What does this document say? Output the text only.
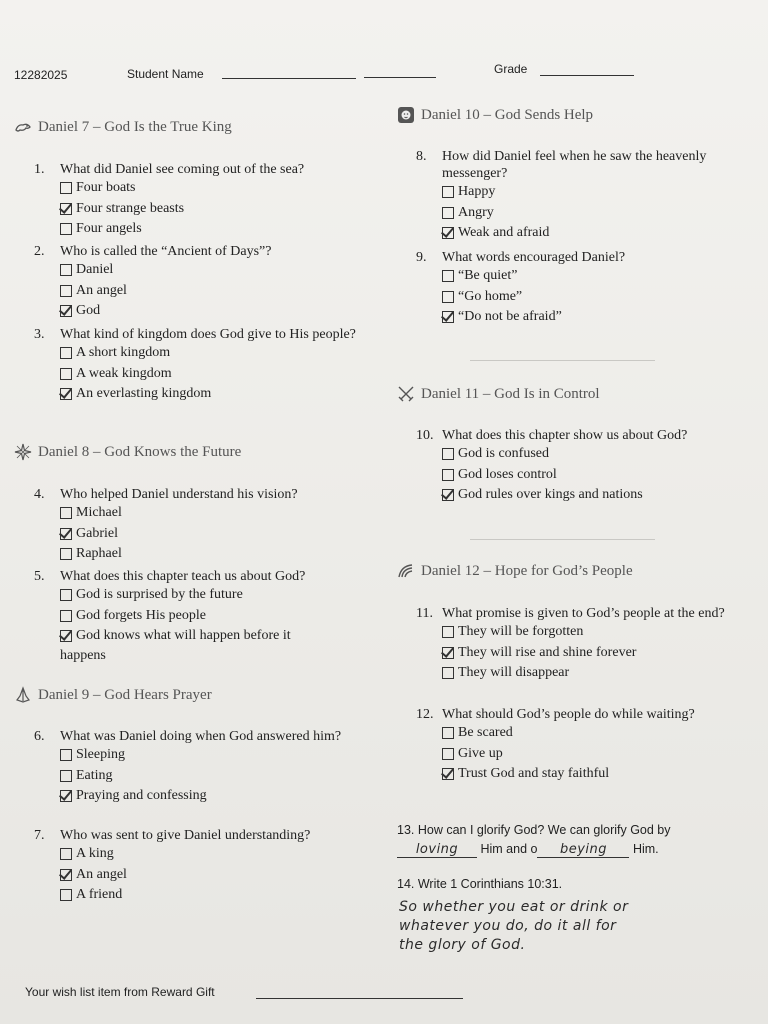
12282025	Student Name	Grade
Daniel 7 – God Is the True King
1. What did Daniel see coming out of the sea?
Four boats
Four strange beasts
Four angels
2. Who is called the “Ancient of Days”?
Daniel
An angel
God
3. What kind of kingdom does God give to His people?
A short kingdom
A weak kingdom
An everlasting kingdom
Daniel 8 – God Knows the Future
4. Who helped Daniel understand his vision?
Michael
Gabriel
Raphael
5. What does this chapter teach us about God?
God is surprised by the future
God forgets His people
God knows what will happen before it
happens
Daniel 9 – God Hears Prayer
6. What was Daniel doing when God answered him?
Sleeping
Eating
Praying and confessing
7. Who was sent to give Daniel understanding?
A king
An angel
A friend
Daniel 10 – God Sends Help
8. How did Daniel feel when he saw the heavenly messenger?
Happy
Angry
Weak and afraid
9. What words encouraged Daniel?
“Be quiet”
“Go home”
“Do not be afraid”
Daniel 11 – God Is in Control
10. What does this chapter show us about God?
God is confused
God loses control
God rules over kings and nations
Daniel 12 – Hope for God’s People
11. What promise is given to God’s people at the end?
They will be forgotten
They will rise and shine forever
They will disappear
12. What should God’s people do while waiting?
Be scared
Give up
Trust God and stay faithful
13. How can I glorify God? We can glorify God by
loving Him and o beying Him.
14. Write 1 Corinthians 10:31.
So whether you eat or drink or
whatever you do, do it all for
the glory of God.
Your wish list item from Reward Gift
